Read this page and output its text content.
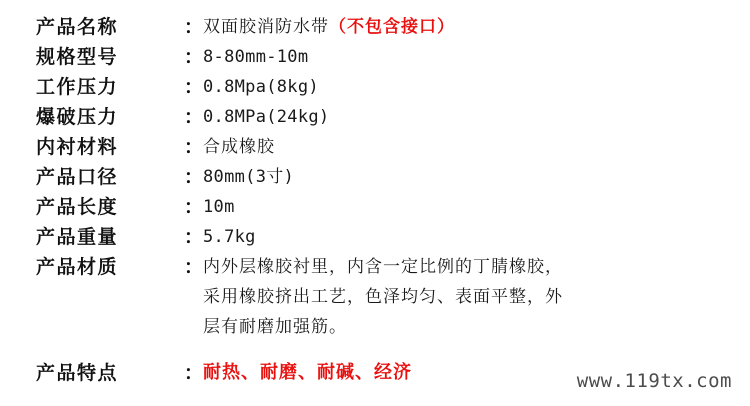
产品名称	：	双面胶消防水带（不包含接口）
规格型号	：	8-80mm-10m
工作压力	：	0.8Mpa(8kg)
爆破压力	：	0.8MPa(24kg)
内衬材料	：	合成橡胶
产品口径	：	80mm(3寸)
产品长度	：	10m
产品重量	：	5.7kg
产品材质	：	内外层橡胶衬里，内含一定比例的丁腈橡胶，
采用橡胶挤出工艺，色泽均匀、表面平整，外
层有耐磨加强筋。

产品特点	：	耐热、耐磨、耐碱、经济	www.119tx.com
